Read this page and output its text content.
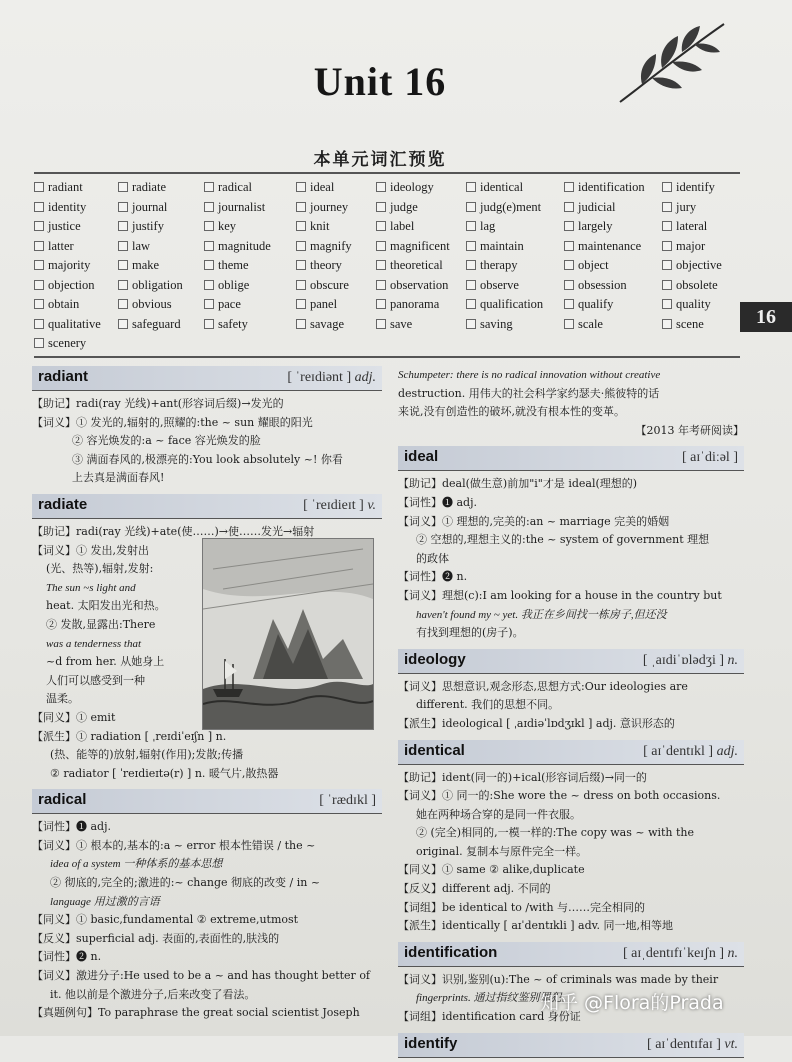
Unit 16
本单元词汇预览
radiant	radiate	radical	ideal	ideology	identical	identification	identify
identity	journal	journalist	journey	judge	judg(e)ment	judicial	jury
justice	justify	key	knit	label	lag	largely	lateral
latter	law	magnitude	magnify	magnificent	maintain	maintenance	major
majority	make	theme	theory	theoretical	therapy	object	objective
objection	obligation	oblige	obscure	observation	observe	obsession	obsolete
obtain	obvious	pace	panel	panorama	qualification	qualify	quality
qualitative	safeguard	safety	savage	save	saving	scale	scene
scenery
16
radiant	[ ˈreɪdiənt ] adj.
【助记】radi(ray 光线)+ant(形容词后缀)→发光的
【词义】① 发光的,辐射的,照耀的:the ~ sun 耀眼的阳光
② 容光焕发的:a ~ face 容光焕发的脸
③ 满面春风的,极漂亮的:You look absolutely ~! 你看
上去真是满面春风!
radiate	[ ˈreɪdieɪt ] v.
【助记】radi(ray 光线)+ate(使……)→使……发光→辐射
【词义】① 发出,发射出
(光、热等),辐射,发射:
The sun ~s light and
heat. 太阳发出光和热。
② 发散,显露出:There
was a tenderness that
~d from her. 从她身上
人们可以感受到一种
温柔。
【同义】① emit
【派生】① radiation [ ˌreɪdiˈeɪʃn ] n.
(热、能等的)放射,辐射(作用);发散;传播
② radiator [ ˈreɪdieɪtə(r) ] n. 暖气片,散热器
radical	[ ˈrædɪkl ]
【词性】❶ adj.
【词义】① 根本的,基本的:a ~ error 根本性错误 / the ~
idea of a system 一种体系的基本思想
② 彻底的,完全的;激进的:~ change 彻底的改变 / in ~
language 用过激的言语
【同义】① basic,fundamental ② extreme,utmost
【反义】superficial adj. 表面的,表面性的,肤浅的
【词性】❷ n.
【词义】激进分子:He used to be a ~ and has thought better of
it. 他以前是个激进分子,后来改变了看法。
【真题例句】To paraphrase the great social scientist Joseph
Schumpeter: there is no radical innovation without creative
destruction. 用伟大的社会科学家约瑟夫·熊彼特的话
来说,没有创造性的破坏,就没有根本性的变革。
【2013 年考研阅读】
ideal	[ aɪˈdiːəl ]
【助记】deal(做生意)前加"i"才是 ideal(理想的)
【词性】❶ adj.
【词义】① 理想的,完美的:an ~ marriage 完美的婚姻
② 空想的,理想主义的:the ~ system of government 理想
的政体
【词性】❷ n.
【词义】理想(c):I am looking for a house in the country but
haven't found my ~ yet. 我正在乡间找一栋房子,但还没
有找到理想的(房子)。
ideology	[ ˌaɪdiˈɒlədʒi ] n.
【词义】思想意识,观念形态,思想方式:Our ideologies are
different. 我们的思想不同。
【派生】ideological [ ˌaɪdiəˈlɒdʒɪkl ] adj. 意识形态的
identical	[ aɪˈdentɪkl ] adj.
【助记】ident(同一的)+ical(形容词后缀)→同一的
【词义】① 同一的:She wore the ~ dress on both occasions.
她在两种场合穿的是同一件衣服。
② (完全)相同的,一模一样的:The copy was ~ with the
original. 复制本与原件完全一样。
【同义】① same ② alike,duplicate
【反义】different adj. 不同的
【词组】be identical to /with 与……完全相同的
【派生】identically [ aɪˈdentɪkli ] adv. 同一地,相等地
identification	[ aɪˌdentɪfɪˈkeɪʃn ] n.
【词义】识别,鉴别(u):The ~ of criminals was made by their
fingerprints. 通过指纹鉴别罪犯。
【词组】identification card 身份证
identify	[ aɪˈdentɪfaɪ ] vt.
知乎 @Flora的Prada
